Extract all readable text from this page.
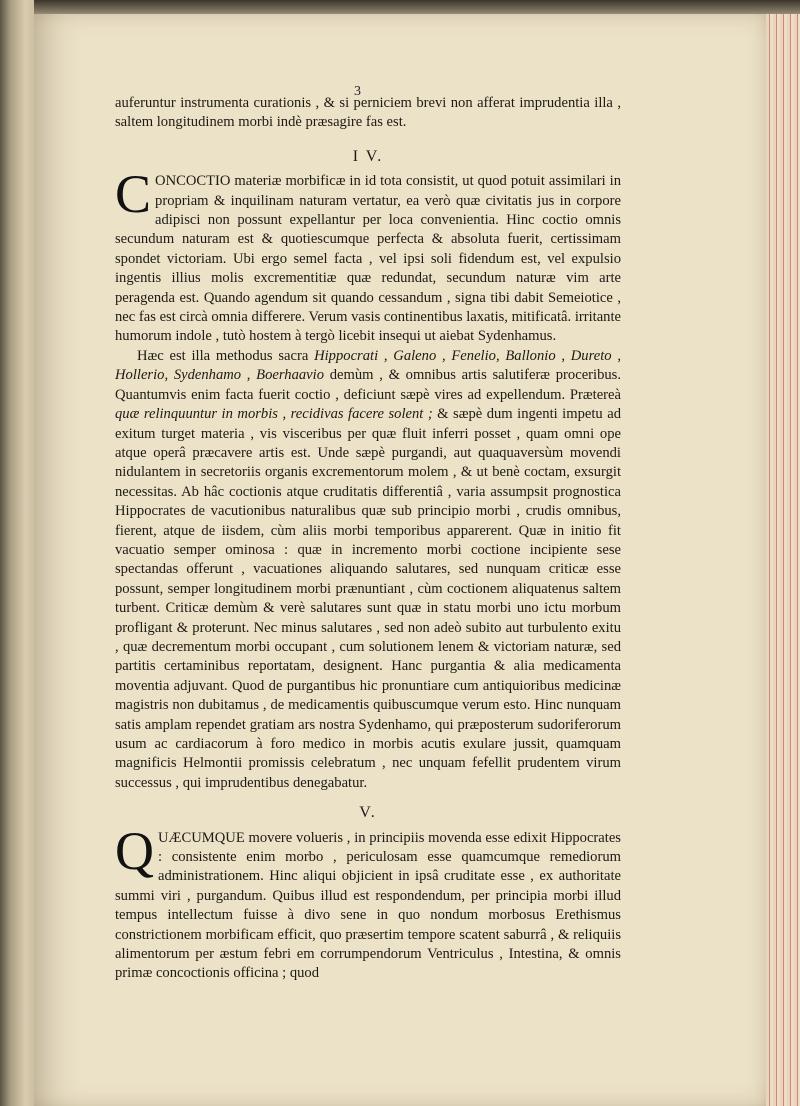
3

auferuntur instrumenta curationis , & si perniciem brevi non afferat imprudentia illa , saltem longitudinem morbi indè præsagire fas est.

I V.

CONCOCTIO materiæ morbificæ in id tota consistit, ut quod potuit assimilari in propriam & inquilinam naturam vertatur, ea verò quæ civitatis jus in corpore adipisci non possunt expellantur per loca convenientia. Hinc coctio omnis secundum naturam est & quotiescumque perfecta & absoluta fuerit, certissimam spondet victoriam. Ubi ergo semel facta , vel ipsi soli fidendum est, vel expulsio ingentis illius molis excrementitiæ quæ redundat, secundum naturæ vim arte peragenda est. Quando agendum sit quando cessandum , signa tibi dabit Semeiotice , nec fas est circà omnia differere. Verum vasis continentibus laxatis, mitificatâ. irritante humorum indole , tutò hostem à tergò licebit insequi ut aiebat Sydenhamus.

Hæc est illa methodus sacra Hippocrati , Galeno , Fenelio, Ballonio , Dureto , Hollerio, Sydenhamo , Boerhaavio demùm , & omnibus artis salutiferæ proceribus. Quantumvis enim facta fuerit coctio , deficiunt sæpè vires ad expellendum. Prætereà quæ relinquuntur in morbis , recidivas facere solent ; & sæpè dum ingenti impetu ad exitum turget materia , vis visceribus per quæ fluit inferri posset , quam omni ope atque operâ præcavere artis est. Unde sæpè purgandi, aut quaquaversùm movendi nidulantem in secretoriis organis excrementorum molem , & ut benè coctam, exsurgit necessitas. Ab hâc coctionis atque cruditatis differentiâ , varia assumpsit prognostica Hippocrates de vacutionibus naturalibus quæ sub principio morbi , crudis omnibus, fierent, atque de iisdem, cùm aliis morbi temporibus apparerent. Quæ in initio fit vacuatio semper ominosa : quæ in incremento morbi coctione incipiente sese spectandas offerunt , vacuationes aliquando salutares, sed nunquam criticæ esse possunt, semper longitudinem morbi prænuntiant , cùm coctionem aliquatenus saltem turbent. Criticæ demùm & verè salutares sunt quæ in statu morbi uno ictu morbum profligant & proterunt. Nec minus salutares , sed non adeò subito aut turbulento exitu , quæ decrementum morbi occupant , cum solutionem lenem & victoriam naturæ, sed partitis certaminibus reportatam, designent. Hanc purgantia & alia medicamenta moventia adjuvant. Quod de purgantibus hic pronuntiare cum antiquioribus medicinæ magistris non dubitamus , de medicamentis quibuscumque verum esto. Hinc nunquam satis amplam rependet gratiam ars nostra Sydenhamo, qui præposterum sudoriferorum usum ac cardiacorum à foro medico in morbis acutis exulare jussit, quamquam magnificis Helmontii promissis celebratum , nec unquam fefellit prudentem virum successus , qui imprudentibus denegabatur.

V.

QUÆCUMQUE movere volueris , in principiis movenda esse edixit Hippocrates : consistente enim morbo , periculosam esse quamcumque remediorum administrationem. Hinc aliqui objicient in ipsâ cruditate esse , ex authoritate summi viri , purgandum. Quibus illud est respondendum, per principia morbi illud tempus intellectum fuisse à divo sene in quo nondum morbosus Erethismus constrictionem morbificam efficit, quo præsertim tempore scatent saburrâ , & reliquiis alimentorum per æstum febri em corrumpendorum Ventriculus , Intestina, & omnis primæ concoctionis officina ; quod
